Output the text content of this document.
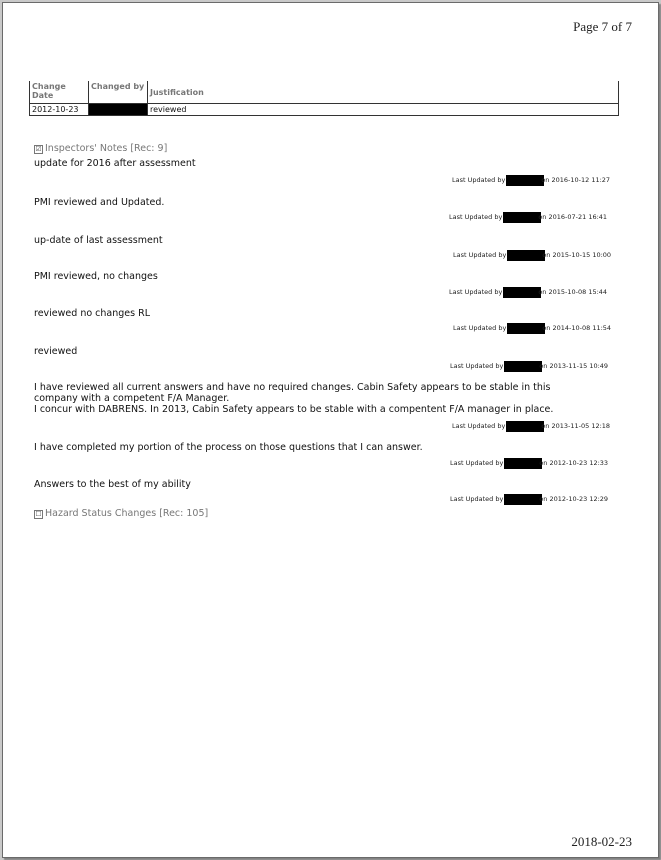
Page 7 of 7
Change Date	Changed by	Justification
2012-10-23		reviewed
☑ Inspectors' Notes [Rec: 9]
update for 2016 after assessment
Last Updated by	on 2016-10-12 11:27
PMI reviewed and Updated.
Last Updated by	on 2016-07-21 16:41
up-date of last assessment
Last Updated by	on 2015-10-15 10:00
PMI reviewed, no changes
Last Updated by	on 2015-10-08 15:44
reviewed no changes RL
Last Updated by	on 2014-10-08 11:54
reviewed
Last Updated by	on 2013-11-15 10:49
I have reviewed all current answers and have no required changes. Cabin Safety appears to be stable in this
company with a competent F/A Manager.
I concur with DABRENS. In 2013, Cabin Safety appears to be stable with a compentent F/A manager in place.
Last Updated by	on 2013-11-05 12:18
I have completed my portion of the process on those questions that I can answer.
Last Updated by	on 2012-10-23 12:33
Answers to the best of my ability
Last Updated by	on 2012-10-23 12:29
☐ Hazard Status Changes [Rec: 105]
2018-02-23
